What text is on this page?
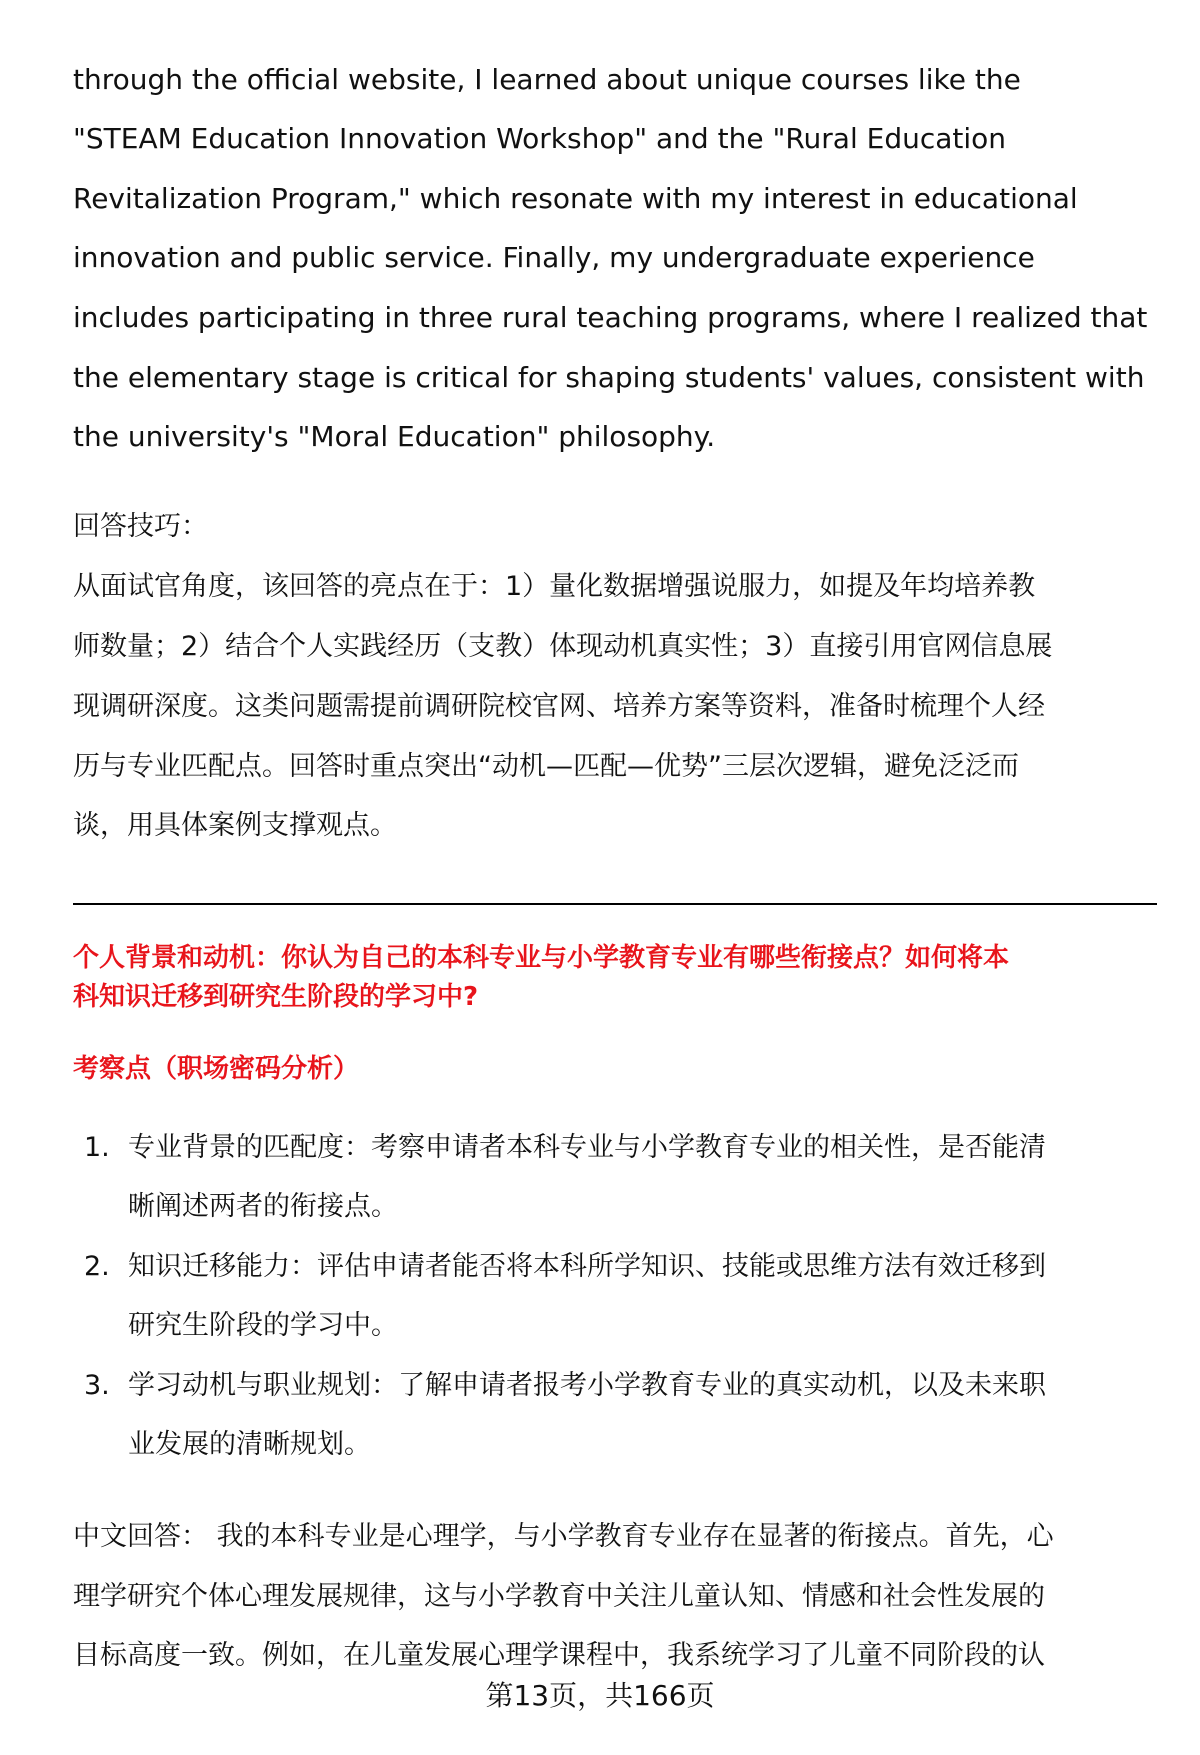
through the official website, I learned about unique courses like the
"STEAM Education Innovation Workshop" and the "Rural Education
Revitalization Program," which resonate with my interest in educational
innovation and public service. Finally, my undergraduate experience
includes participating in three rural teaching programs, where I realized that
the elementary stage is critical for shaping students' values, consistent with
the university's "Moral Education" philosophy.
回答技巧：
从面试官角度，该回答的亮点在于：1）量化数据增强说服力，如提及年均培养教
师数量；2）结合个人实践经历（支教）体现动机真实性；3）直接引用官网信息展
现调研深度。这类问题需提前调研院校官网、培养方案等资料，准备时梳理个人经
历与专业匹配点。回答时重点突出“动机—匹配—优势”三层次逻辑，避免泛泛而
谈，用具体案例支撑观点。
个人背景和动机：你认为自己的本科专业与小学教育专业有哪些衔接点？如何将本
科知识迁移到研究生阶段的学习中?
考察点（职场密码分析）
1. 专业背景的匹配度：考察申请者本科专业与小学教育专业的相关性，是否能清
晰阐述两者的衔接点。
2. 知识迁移能力：评估申请者能否将本科所学知识、技能或思维方法有效迁移到
研究生阶段的学习中。
3. 学习动机与职业规划：了解申请者报考小学教育专业的真实动机，以及未来职
业发展的清晰规划。
中文回答： 我的本科专业是心理学，与小学教育专业存在显著的衔接点。首先，心
理学研究个体心理发展规律，这与小学教育中关注儿童认知、情感和社会性发展的
目标高度一致。例如，在儿童发展心理学课程中，我系统学习了儿童不同阶段的认
第13页，共166页
